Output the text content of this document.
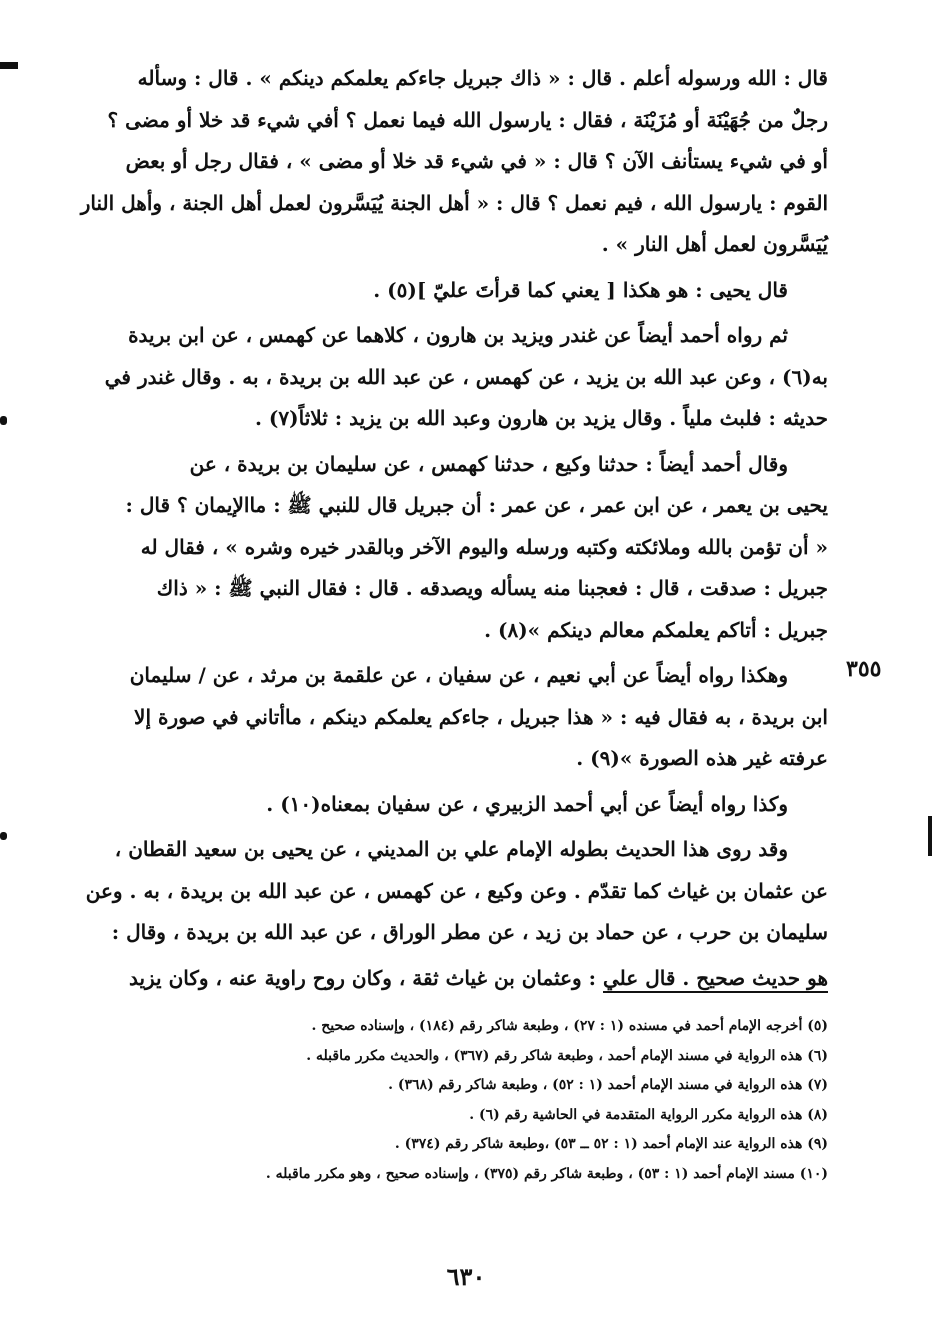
قال : الله ورسوله أعلم . قال : « ذاك جبريل جاءكم يعلمكم دينكم » . قال : وسأله

رجلٌ من جُهَيْنَة أو مُزَيْنَة ، فقال : يارسول الله فيما نعمل ؟ أفي شيء قد خلا أو مضى ؟

أو في شيء يستأنف الآن ؟ قال : « في شيء قد خلا أو مضى » ، فقال رجل أو بعض

القوم : يارسول الله ، فيم نعمل ؟ قال : « أهل الجنة يُيَسَّرون لعمل أهل الجنة ، وأهل النار

يُيَسَّرون لعمل أهل النار » .

قال يحيى : هو هكذا [ يعني كما قرأتَ عليّ ](٥) .

ثم رواه أحمد أيضاً عن غندر ويزيد بن هارون ، كلاهما عن كهمس ، عن ابن بريدة

به(٦) ، وعن عبد الله بن يزيد ، عن كهمس ، عن عبد الله بن بريدة ، به . وقال غندر في

حديثه : فلبث ملياً . وقال يزيد بن هارون وعبد الله بن يزيد : ثلاثاً(٧) .

وقال أحمد أيضاً : حدثنا وكيع ، حدثنا كهمس ، عن سليمان بن بريدة ، عن

يحيى بن يعمر ، عن ابن عمر ، عن عمر : أن جبريل قال للنبي ﷺ : ماالإيمان ؟ قال :

« أن تؤمن بالله وملائكته وكتبه ورسله واليوم الآخر وبالقدر خيره وشره » ، فقال له

جبريل : صدقت ، قال : فعجبنا منه يسأله ويصدقه . قال : فقال النبي ﷺ : « ذاك

جبريل : أتاكم يعلمكم معالم دينكم »(٨) .

وهكذا رواه أيضاً عن أبي نعيم ، عن سفيان ، عن علقمة بن مرثد ، عن / سليمان

ابن بريدة ، به فقال فيه : « هذا جبريل ، جاءكم يعلمكم دينكم ، ماأتاني في صورة إلا

عرفته غير هذه الصورة »(٩) .

وكذا رواه أيضاً عن أبي أحمد الزبيري ، عن سفيان بمعناه(١٠) .

وقد روى هذا الحديث بطوله الإمام علي بن المديني ، عن يحيى بن سعيد القطان ،

عن عثمان بن غياث كما تقدّم . وعن وكيع ، عن كهمس ، عن عبد الله بن بريدة ، به . وعن

سليمان بن حرب ، عن حماد بن زيد ، عن مطر الوراق ، عن عبد الله بن بريدة ، وقال :

هو حديث صحيح . قال علي : وعثمان بن غياث ثقة ، وكان روح راوية عنه ، وكان يزيد

٣٥٥

(٥) أخرجه الإمام أحمد في مسنده (١ : ٢٧) ، وطبعة شاكر رقم (١٨٤) ، وإسناده صحيح .

(٦) هذه الرواية في مسند الإمام أحمد ، وطبعة شاكر رقم (٣٦٧) ، والحديث مكرر ماقبله .

(٧) هذه الرواية في مسند الإمام أحمد (١ : ٥٢) ، وطبعة شاكر رقم (٣٦٨) .

(٨) هذه الرواية مكرر الرواية المتقدمة في الحاشية رقم (٦) .

(٩) هذه الرواية عند الإمام أحمد (١ : ٥٢ ــ ٥٣) ،وطبعة شاكر رقم (٣٧٤) .

(١٠) مسند الإمام أحمد (١ : ٥٣) ، وطبعة شاكر رقم (٣٧٥) ، وإسناده صحيح ، وهو مكرر ماقبله .

٦٣٠
